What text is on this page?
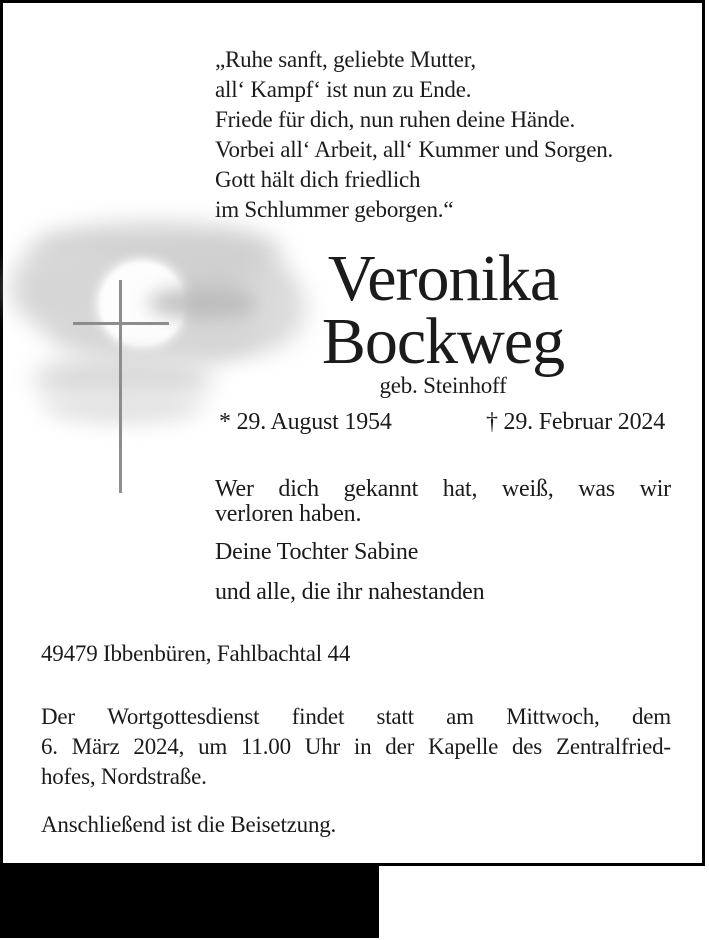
„Ruhe sanft, geliebte Mutter,
all‘ Kampf‘ ist nun zu Ende.
Friede für dich, nun ruhen deine Hände.
Vorbei all‘ Arbeit, all‘ Kummer und Sorgen.
Gott hält dich friedlich
im Schlummer geborgen.“
Veronika
Bockweg
geb. Steinhoff
* 29. August 1954	† 29. Februar 2024
Wer dich gekannt hat, weiß, was wir
verloren haben.
Deine Tochter Sabine
und alle, die ihr nahestanden
49479 Ibbenbüren, Fahlbachtal 44
Der Wortgottesdienst findet statt am Mittwoch, dem
6. März 2024, um 11.00 Uhr in der Kapelle des Zentralfried-
hofes, Nordstraße.
Anschließend ist die Beisetzung.
